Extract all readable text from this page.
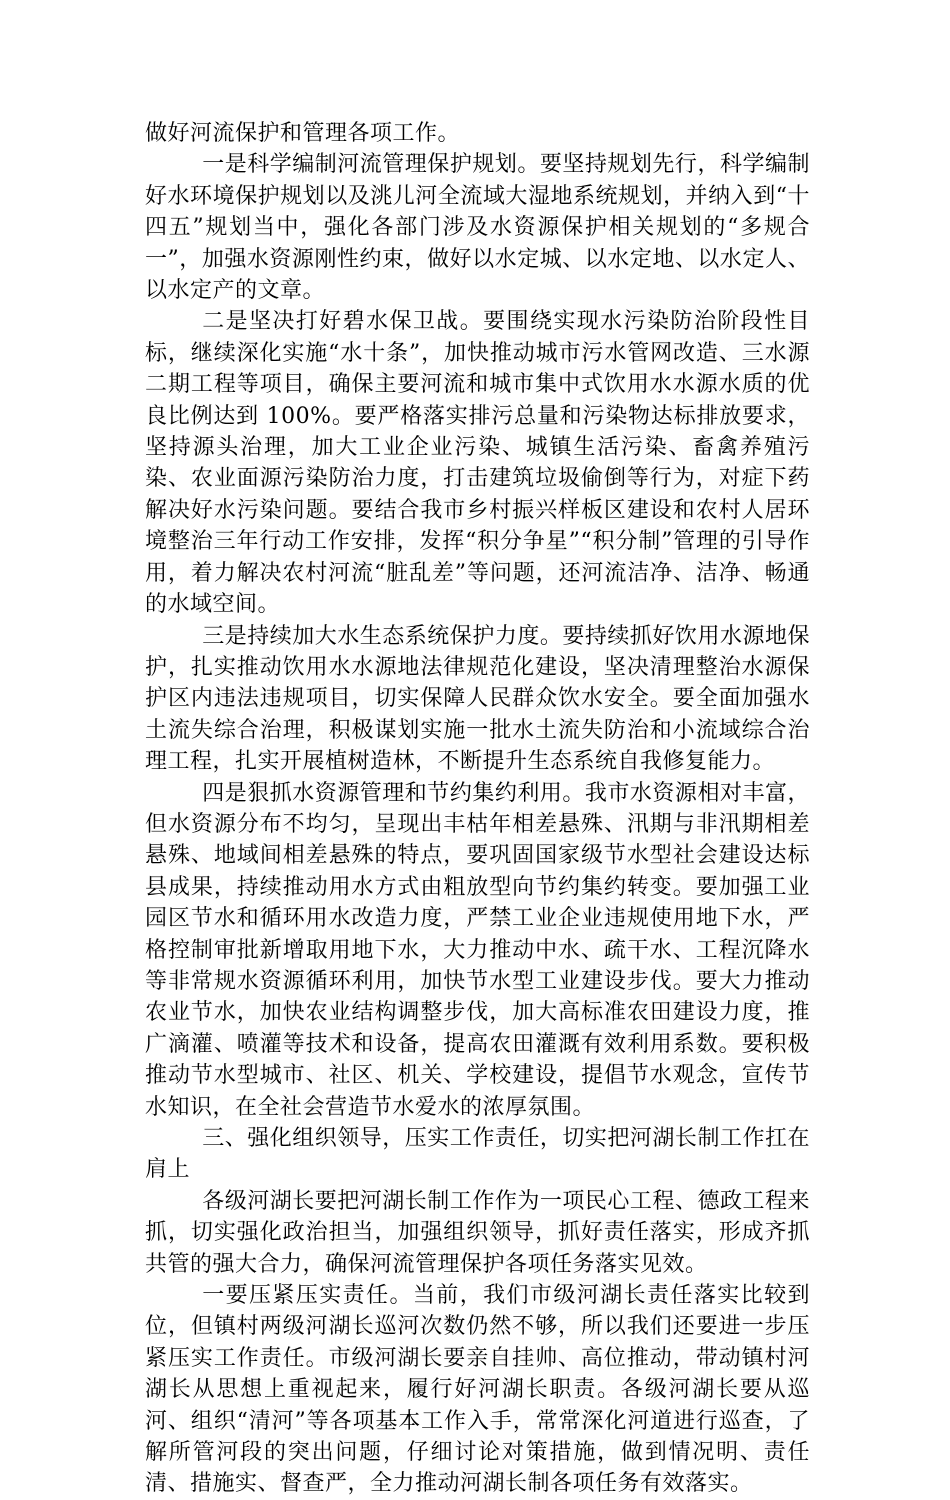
做好河流保护和管理各项工作。

一是科学编制河流管理保护规划。要坚持规划先行，科学编制好水环境保护规划以及洮儿河全流域大湿地系统规划，并纳入到“十四五”规划当中，强化各部门涉及水资源保护相关规划的“多规合一”，加强水资源刚性约束，做好以水定城、以水定地、以水定人、以水定产的文章。

二是坚决打好碧水保卫战。要围绕实现水污染防治阶段性目标，继续深化实施“水十条”，加快推动城市污水管网改造、三水源二期工程等项目，确保主要河流和城市集中式饮用水水源水质的优良比例达到 100%。要严格落实排污总量和污染物达标排放要求，坚持源头治理，加大工业企业污染、城镇生活污染、畜禽养殖污染、农业面源污染防治力度，打击建筑垃圾偷倒等行为，对症下药解决好水污染问题。要结合我市乡村振兴样板区建设和农村人居环境整治三年行动工作安排，发挥“积分争星”“积分制”管理的引导作用，着力解决农村河流“脏乱差”等问题，还河流洁净、洁净、畅通的水域空间。

三是持续加大水生态系统保护力度。要持续抓好饮用水源地保护，扎实推动饮用水水源地法律规范化建设，坚决清理整治水源保护区内违法违规项目，切实保障人民群众饮水安全。要全面加强水土流失综合治理，积极谋划实施一批水土流失防治和小流域综合治理工程，扎实开展植树造林，不断提升生态系统自我修复能力。

四是狠抓水资源管理和节约集约利用。我市水资源相对丰富，但水资源分布不均匀，呈现出丰枯年相差悬殊、汛期与非汛期相差悬殊、地域间相差悬殊的特点，要巩固国家级节水型社会建设达标县成果，持续推动用水方式由粗放型向节约集约转变。要加强工业园区节水和循环用水改造力度，严禁工业企业违规使用地下水，严格控制审批新增取用地下水，大力推动中水、疏干水、工程沉降水等非常规水资源循环利用，加快节水型工业建设步伐。要大力推动农业节水，加快农业结构调整步伐，加大高标准农田建设力度，推广滴灌、喷灌等技术和设备，提高农田灌溉有效利用系数。要积极推动节水型城市、社区、机关、学校建设，提倡节水观念，宣传节水知识，在全社会营造节水爱水的浓厚氛围。

三、强化组织领导，压实工作责任，切实把河湖长制工作扛在肩上

各级河湖长要把河湖长制工作作为一项民心工程、德政工程来抓，切实强化政治担当，加强组织领导，抓好责任落实，形成齐抓共管的强大合力，确保河流管理保护各项任务落实见效。

一要压紧压实责任。当前，我们市级河湖长责任落实比较到位，但镇村两级河湖长巡河次数仍然不够，所以我们还要进一步压紧压实工作责任。市级河湖长要亲自挂帅、高位推动，带动镇村河湖长从思想上重视起来，履行好河湖长职责。各级河湖长要从巡河、组织“清河”等各项基本工作入手，常常深化河道进行巡查，了解所管河段的突出问题，仔细讨论对策措施，做到情况明、责任清、措施实、督查严，全力推动河湖长制各项任务有效落实。
